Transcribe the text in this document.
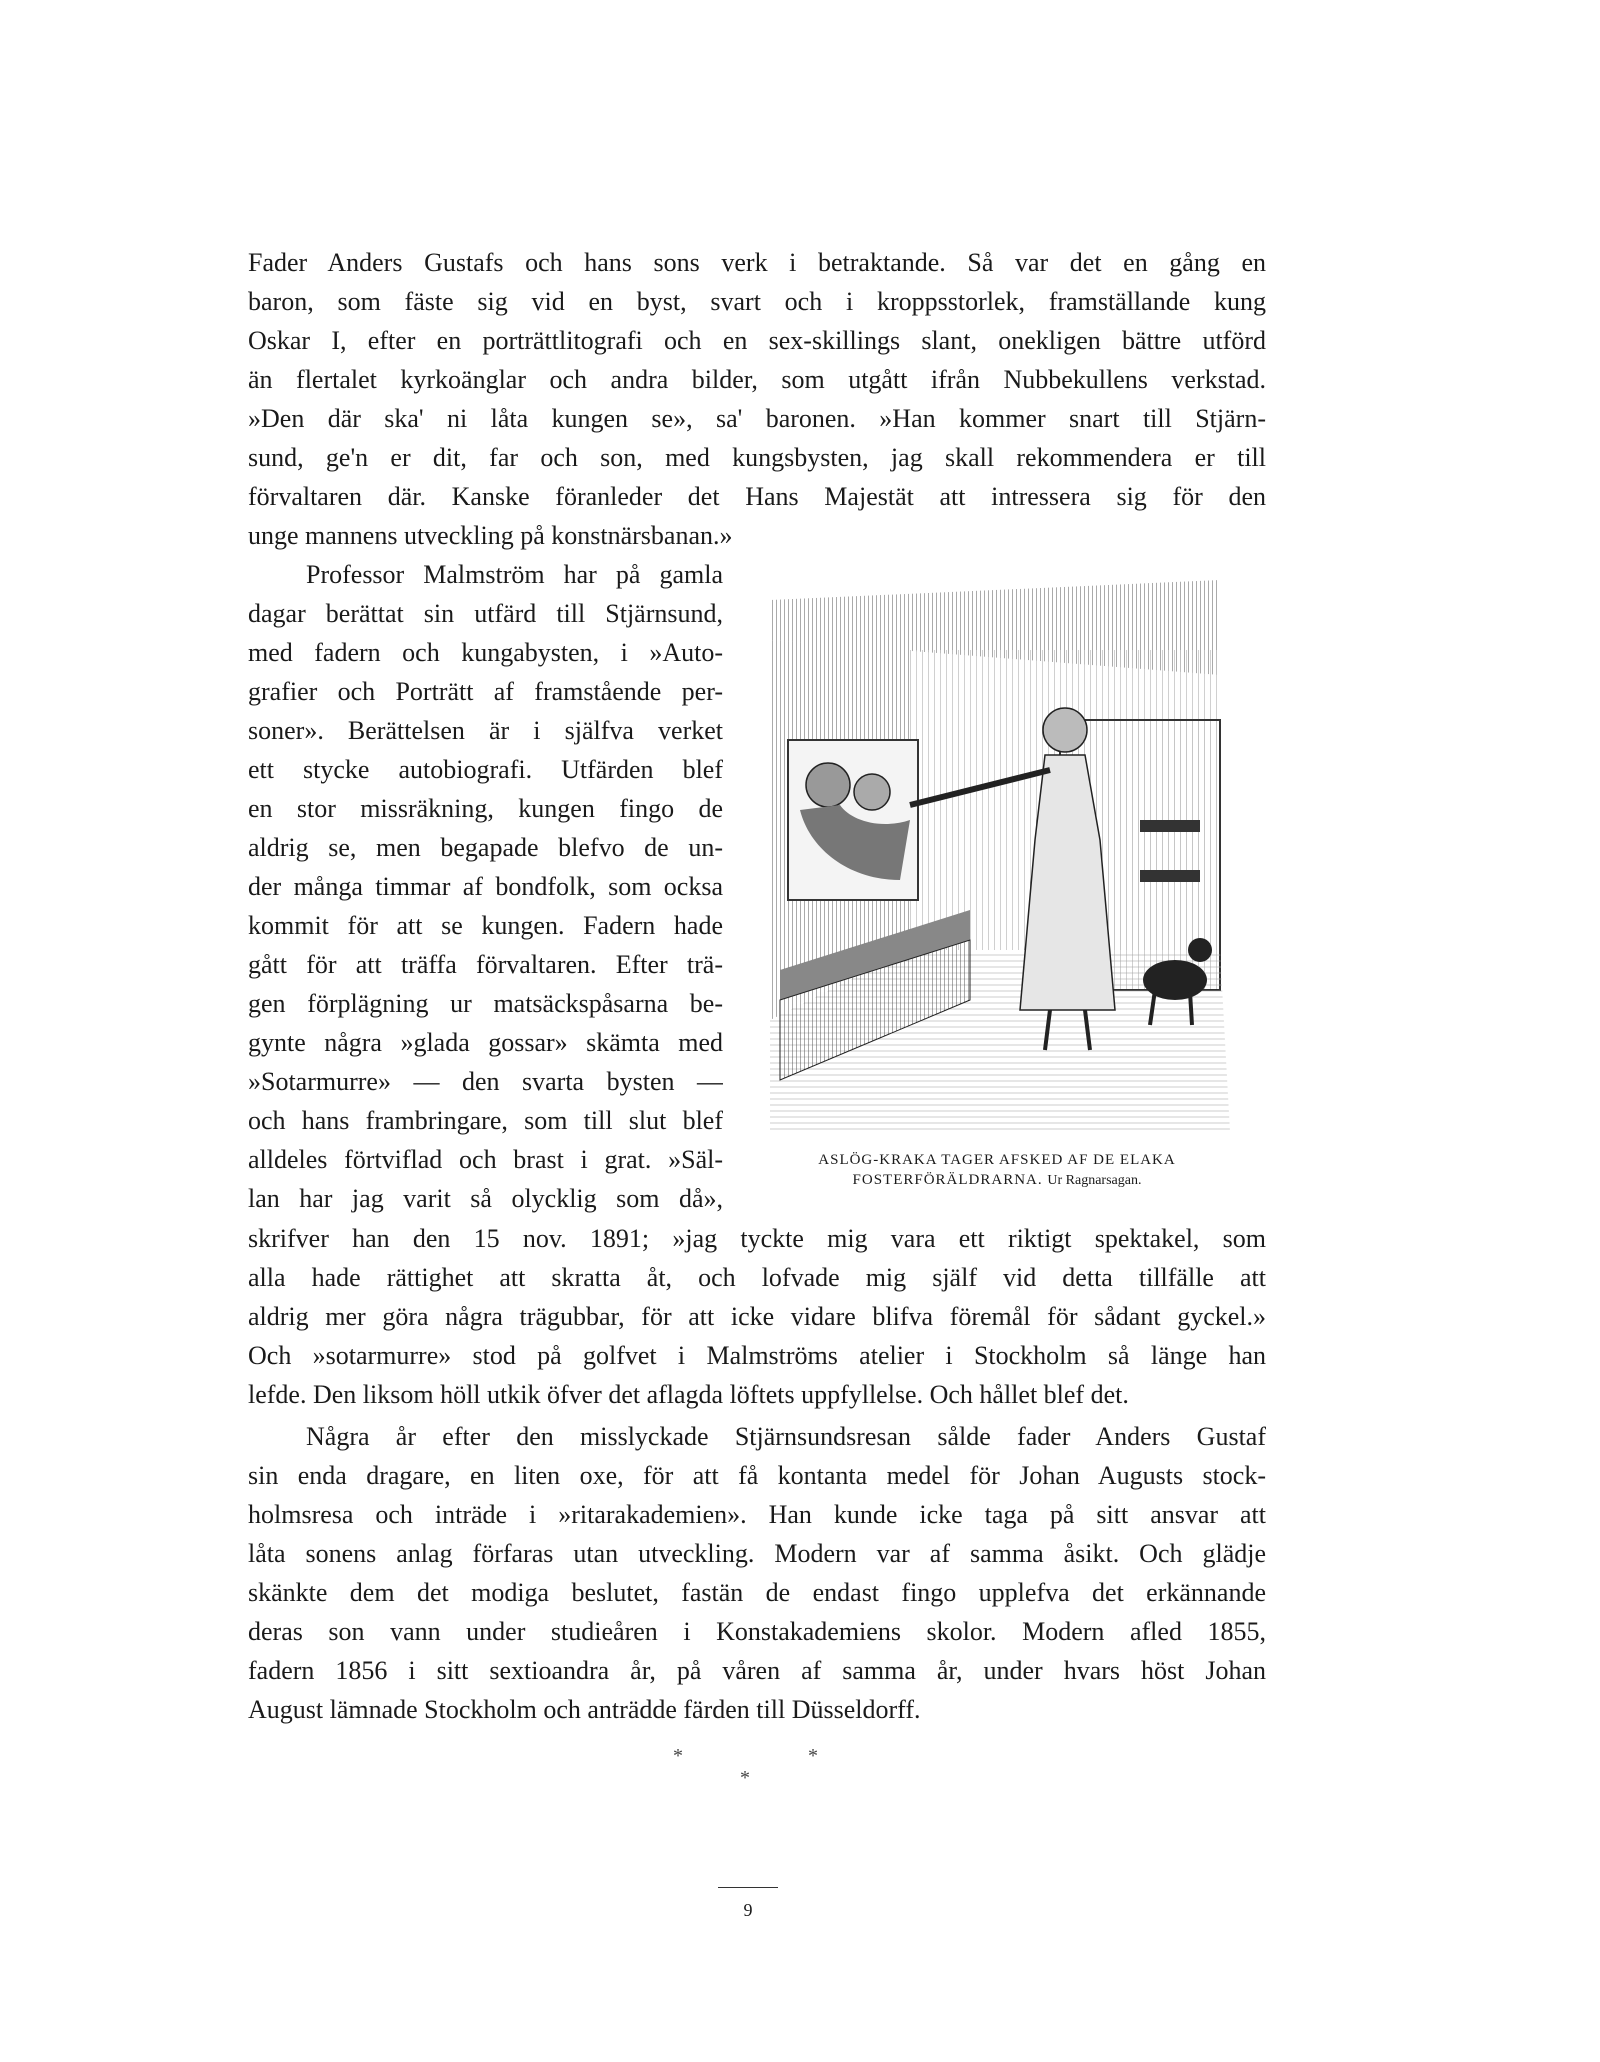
Fader Anders Gustafs och hans sons verk i betraktande. Så var det en gång en
baron, som fäste sig vid en byst, svart och i kroppsstorlek, framställande kung
Oskar I, efter en porträttlitografi och en sex-skillings slant, onekligen bättre utförd
än flertalet kyrkoänglar och andra bilder, som utgått ifrån Nubbekullens verkstad.
»Den där ska' ni låta kungen se», sa' baronen. »Han kommer snart till Stjärn-
sund, ge'n er dit, far och son, med kungsbysten, jag skall rekommendera er till
förvaltaren där. Kanske föranleder det Hans Majestät att intressera sig för den
unge mannens utveckling på konstnärsbanan.»
Professor Malmström har på gamla
dagar berättat sin utfärd till Stjärnsund,
med fadern och kungabysten, i »Auto-
grafier och Porträtt af framstående per-
soner». Berättelsen är i själfva verket
ett stycke autobiografi. Utfärden blef
en stor missräkning, kungen fingo de
aldrig se, men begapade blefvo de un-
der många timmar af bondfolk, som ocksa
kommit för att se kungen. Fadern hade
gått för att träffa förvaltaren. Efter trä-
gen förplägning ur matsäckspåsarna be-
gynte några »glada gossar» skämta med
»Sotarmurre» — den svarta bysten —
och hans frambringare, som till slut blef
alldeles förtviflad och brast i grat. »Säl-
lan har jag varit så olycklig som då»,
ASLÖG-KRAKA TAGER AFSKED AF DE ELAKA
FOSTERFÖRÄLDRARNA. Ur Ragnarsagan.
skrifver han den 15 nov. 1891; »jag tyckte mig vara ett riktigt spektakel, som
alla hade rättighet att skratta åt, och lofvade mig själf vid detta tillfälle att
aldrig mer göra några trägubbar, för att icke vidare blifva föremål för sådant gyckel.»
Och »sotarmurre» stod på golfvet i Malmströms atelier i Stockholm så länge han
lefde. Den liksom höll utkik öfver det aflagda löftets uppfyllelse. Och hållet blef det.
Några år efter den misslyckade Stjärnsundsresan sålde fader Anders Gustaf
sin enda dragare, en liten oxe, för att få kontanta medel för Johan Augusts stock-
holmsresa och inträde i »ritarakademien». Han kunde icke taga på sitt ansvar att
låta sonens anlag förfaras utan utveckling. Modern var af samma åsikt. Och glädje
skänkte dem det modiga beslutet, fastän de endast fingo upplefva det erkännande
deras son vann under studieåren i Konstakademiens skolor. Modern afled 1855,
fadern 1856 i sitt sextioandra år, på våren af samma år, under hvars höst Johan
August lämnade Stockholm och anträdde färden till Düsseldorff.
*	*
*
9
